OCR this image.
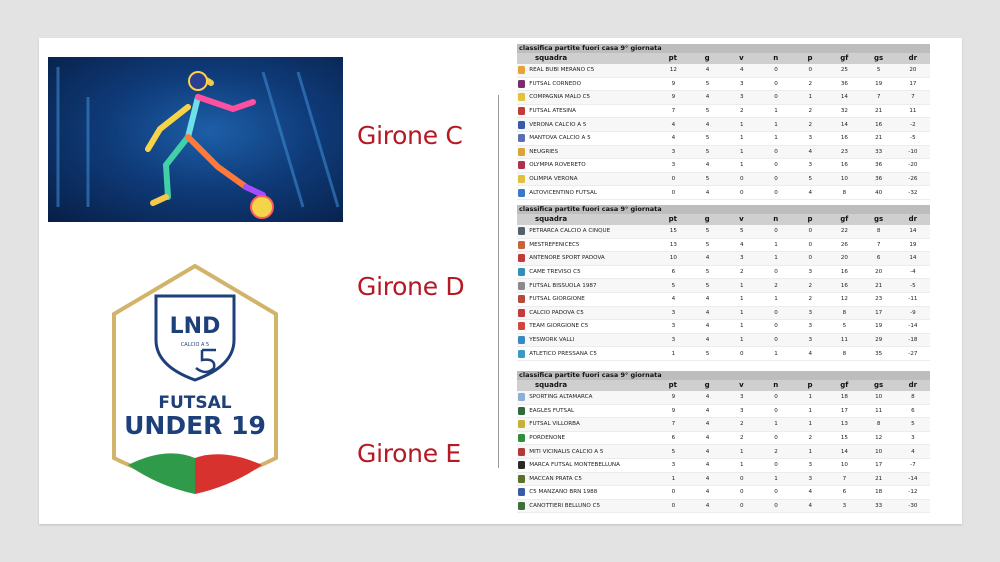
LND
CALCIO A 5
FUTSAL
UNDER 19
Girone C
Girone D
Girone E
classifica partite fuori casa 9° giornata
squadra	pt	g	v	n	p	gf	gs	dr
REAL BUBI MERANO C5	12	4	4	0	0	25	5	20
FUTSAL CORNEDO	9	5	3	0	2	36	19	17
COMPAGNIA MALO C5	9	4	3	0	1	14	7	7
FUTSAL ATESINA	7	5	2	1	2	32	21	11
VERONA CALCIO A 5	4	4	1	1	2	14	16	-2
MANTOVA CALCIO A 5	4	5	1	1	3	16	21	-5
NEUGRIES	3	5	1	0	4	23	33	-10
OLYMPIA ROVERETO	3	4	1	0	3	16	36	-20
OLIMPIA VERONA	0	5	0	0	5	10	36	-26
ALTOVICENTINO FUTSAL	0	4	0	0	4	8	40	-32
classifica partite fuori casa 9° giornata
squadra	pt	g	v	n	p	gf	gs	dr
PETRARCA CALCIO A CINQUE	15	5	5	0	0	22	8	14
MESTREFENICEC5	13	5	4	1	0	26	7	19
ANTENORE SPORT PADOVA	10	4	3	1	0	20	6	14
CAME TREVISO C5	6	5	2	0	3	16	20	-4
FUTSAL BISSUOLA 1987	5	5	1	2	2	16	21	-5
FUTSAL GIORGIONE	4	4	1	1	2	12	23	-11
CALCIO PADOVA C5	3	4	1	0	3	8	17	-9
TEAM GIORGIONE C5	3	4	1	0	3	5	19	-14
YESWORK VALLI	3	4	1	0	3	11	29	-18
ATLETICO PRESSANA C5	1	5	0	1	4	8	35	-27
classifica partite fuori casa 9° giornata
squadra	pt	g	v	n	p	gf	gs	dr
SPORTING ALTAMARCA	9	4	3	0	1	18	10	8
EAGLES FUTSAL	9	4	3	0	1	17	11	6
FUTSAL VILLORBA	7	4	2	1	1	13	8	5
PORDENONE	6	4	2	0	2	15	12	3
MITI VICINALIS CALCIO A 5	5	4	1	2	1	14	10	4
MARCA FUTSAL MONTEBELLUNA	3	4	1	0	3	10	17	-7
MACCAN PRATA C5	1	4	0	1	3	7	21	-14
C5 MANZANO BRN 1988	0	4	0	0	4	6	18	-12
CANOTTIERI BELLUNO C5	0	4	0	0	4	3	33	-30
